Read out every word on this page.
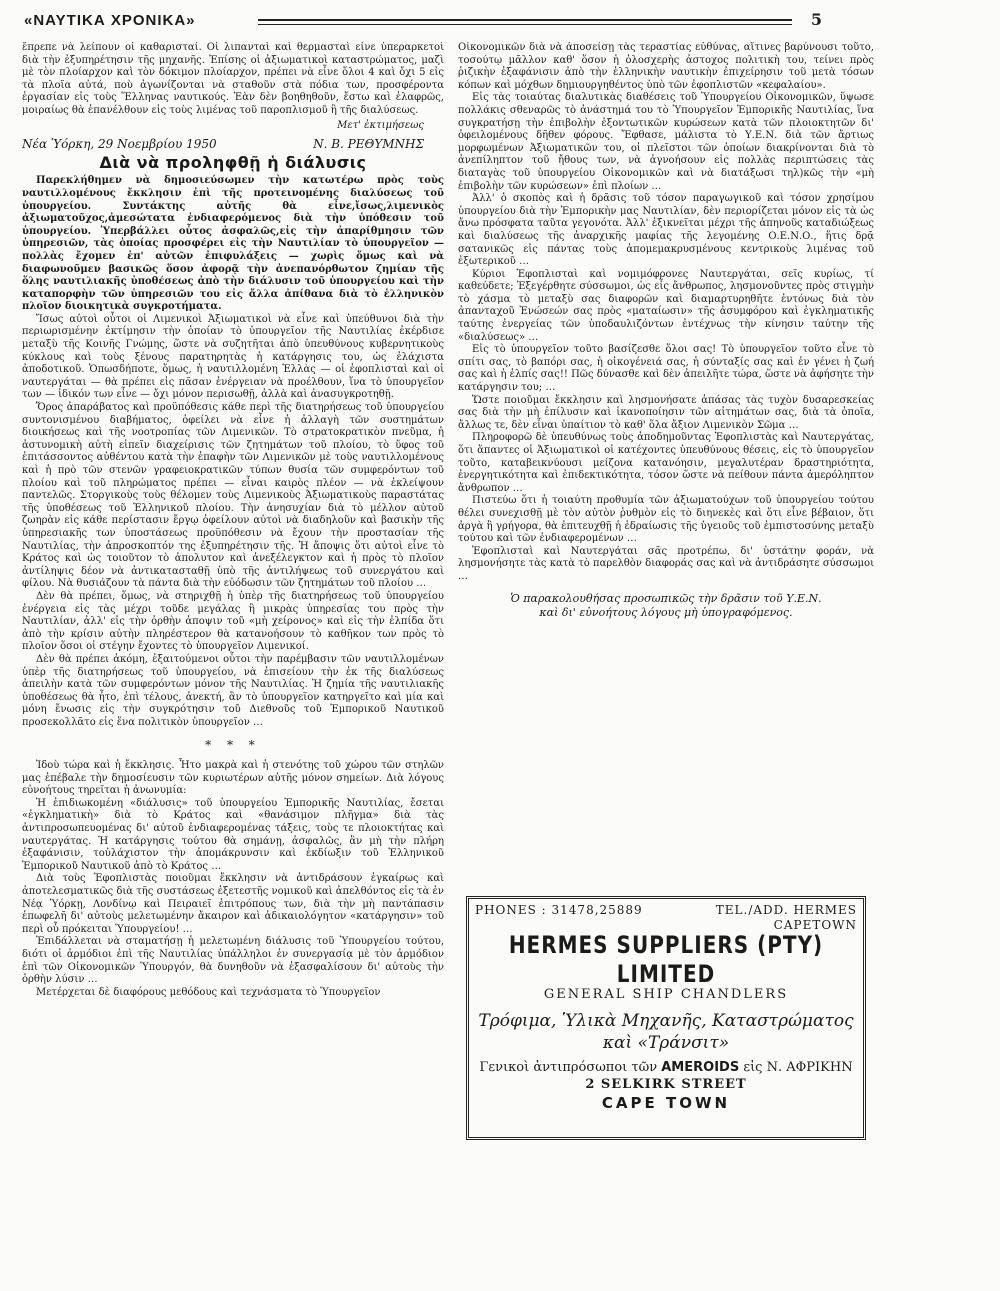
«ΝΑΥΤΙΚΑ ΧΡΟΝΙΚΑ»	5

ἔπρεπε νὰ λείπουν οἱ καθαρισταί. Οἱ λιπανταὶ καὶ θερμασταὶ εἶνε ὑπεραρκετοὶ διὰ τὴν ἐξυπηρέτησιν τῆς μηχανῆς. Ἐπίσης οἱ ἀξιωματικοὶ καταστρώματος, μαζὶ μὲ τὸν πλοίαρχον καὶ τὸν δόκιμον πλοίαρχον, πρέπει νὰ εἶνε ὅλοι 4 καὶ ὄχι 5 εἰς τὰ πλοῖα αὐτά, ποὺ ἀγωνίζονται νὰ σταθοῦν στὰ πόδια των, προσφέροντα ἐργασίαν εἰς τοὺς Ἕλληνας ναυτικούς. Ἐὰν δὲν βοηθηθοῦν, ἔστω καὶ ἐλαφρῶς, μοιραίως θὰ ἐπανέλθουν εἰς τοὺς λιμένας τοῦ παροπλισμοῦ ἢ τῆς διαλύσεως.

Μετ' ἐκτιμήσεως
Νέα Ὑόρκη, 29 Νοεμβρίου 1950	Ν. Β. ΡΕΘΥΜΝΗΣ
Διὰ νὰ προληφθῇ ἡ διάλυσις

Παρεκλήθημεν νὰ δημοσιεύσωμεν τὴν κατωτέρω πρὸς τοὺς ναυτιλλομένους ἔκκλησιν ἐπὶ τῆς προτεινομένης διαλύσεως τοῦ ὑπουργείου. Συντάκτης αὐτῆς θὰ εἶνε,ἴσως,λιμενικὸς ἀξιωματοῦχος,ἀμεσώτατα ἐνδιαφερόμενος διὰ τὴν ὑπόθεσιν τοῦ ὑπουργείου. Ὑπερβάλλει οὗτος ἀσφαλῶς,εἰς τὴν ἀπαρίθμησιν τῶν ὑπηρεσιῶν, τὰς ὁποίας προσφέρει εἰς τὴν Ναυτιλίαν τὸ ὑπουργεῖον — πολλὰς ἔχομεν ἐπ' αὐτῶν ἐπιφυλάξεις — χωρὶς ὅμως καὶ νὰ διαφωνοῦμεν βασικῶς ὅσον ἀφορᾷ τὴν ἀνεπανόρθωτον ζημίαν τῆς ὅλης ναυτιλιακῆς ὑποθέσεως ἀπὸ τὴν διάλυσιν τοῦ ὑπουργείου καὶ τὴν καταπορφὴν τῶν ὑπηρεσιῶν του εἰς ἄλλα ἀπίθανα διὰ τὸ ἑλληνικὸν πλοῖον διοικητικὰ συγκροτήματα.

Ἴσως αὐτοὶ οὗτοι οἱ Λιμενικοὶ Ἀξιωματικοὶ νὰ εἶνε καὶ ὑπεύθυνοι διὰ τὴν περιωρισμένην ἐκτίμησιν τὴν ὁποίαν τὸ ὑπουργεῖον τῆς Ναυτιλίας ἐκέρδισε μεταξὺ τῆς Κοινῆς Γνώμης, ὥστε νὰ συζητῆται ἀπὸ ὑπευθύνους κυβερνητικοὺς κύκλους καὶ τοὺς ξένους παρατηρητὰς ἡ κατάργησις του, ὡς ἐλάχιστα ἀποδοτικοῦ. Ὁπωσδήποτε, ὅμως, ἡ ναυτιλλομένη Ἑλλὰς — οἱ ἐφοπλισταὶ καὶ οἱ ναυτεργάται — θὰ πρέπει εἰς πᾶσαν ἐνέργειαν νὰ προέλθουν, ἵνα τὸ ὑπουργεῖον των — ἰδικόν των εἶνε — ὄχι μόνον περισωθῇ, ἀλλὰ καὶ ἀνασυγκροτηθῇ.

Ὅρος ἀπαράβατος καὶ προϋπόθεσις κάθε περὶ τῆς διατηρήσεως τοῦ ὑπουργείου συντονισμένου διαβήματος, ὀφείλει νὰ εἶνε ἡ ἀλλαγὴ τῶν συστημάτων διοικήσεως καὶ τῆς νοοτροπίας τῶν Λιμενικῶν. Τὸ στρατοκρατικὸν πνεῦμα, ἡ ἀστυνομικὴ αὐτὴ εἰπεῖν διαχείρισις τῶν ζητημάτων τοῦ πλοίου, τὸ ὕφος τοῦ ἐπιτάσσοντος αὐθέντου κατὰ τὴν ἐπαφὴν τῶν Λιμενικῶν μὲ τοὺς ναυτιλλομένους καὶ ἡ πρὸ τῶν στενῶν γραφειοκρατικῶν τύπων θυσία τῶν συμφερόντων τοῦ πλοίου καὶ τοῦ πληρώματος πρέπει — εἶναι καιρὸς πλέον — νὰ ἐκλείψουν παντελῶς. Στοργικοὺς τοὺς θέλομεν τοὺς Λιμενικοὺς Ἀξιωματικοὺς παραστάτας τῆς ὑποθέσεως τοῦ Ἑλληνικοῦ πλοίου. Τὴν ἀνησυχίαν διὰ τὸ μέλλον αὐτοῦ ζωηρὰν εἰς κάθε περίστασιν ἔργῳ ὀφείλουν αὐτοὶ νὰ διαδηλοῦν καὶ βασικὴν τῆς ὑπηρεσιακῆς των ὑποστάσεως προϋπόθεσιν νὰ ἔχουν τὴν προστασίαν τῆς Ναυτιλίας, τὴν ἀπροσκοπτόν της ἐξυπηρέτησιν τῆς. Ἡ ἄποψις ὅτι αὐτοὶ εἶνε τὸ Κράτος καὶ ὡς τοιοῦτον τὸ ἀπολυτον καὶ ἀνεξέλεγκτον καὶ ἡ πρὸς τὸ πλοῖον ἀντίληψις δέον νὰ ἀντικατασταθῇ ὑπὸ τῆς ἀντιλήψεως τοῦ συνεργάτου καὶ φίλου. Νὰ θυσιάζουν τὰ πάντα διὰ τὴν εὐόδωσιν τῶν ζητημάτων τοῦ πλοίου …

Δὲν θὰ πρέπει, ὅμως, νὰ στηριχθῇ ἡ ὑπὲρ τῆς διατηρήσεως τοῦ ὑπουργείου ἐνέργεια εἰς τὰς μέχρι τοῦδε μεγάλας ἢ μικρὰς ὑπηρεσίας του πρὸς τὴν Ναυτιλίαν, ἀλλ' εἰς τὴν ὀρθὴν ἀποψιν τοῦ «μὴ χείρονος» καὶ εἰς τὴν ἐλπίδα ὅτι ἀπὸ τὴν κρίσιν αὐτὴν πληρέστερον θὰ κατανοήσουν τὸ καθῆκον των πρὸς τὸ πλοῖον ὅσοι οἱ στέγην ἔχοντες τὸ ὑπουργεῖον Λιμενικοί.

Δὲν θὰ πρέπει ἀκόμη, ἐξαιτούμενοι οὗτοι τὴν παρέμβασιν τῶν ναυτιλλομένων ὑπὲρ τῆς διατηρήσεως τοῦ ὑπουργείου, νὰ ἐπισείουν τὴν ἐκ τῆς διαλύσεως ἀπειλὴν κατὰ τῶν συμφερόντων μόνον τῆς Ναυτιλίας. Ἡ ζημία τῆς ναυτιλιακῆς ὑποθέσεως θὰ ἦτο, ἐπὶ τέλους, ἀνεκτή, ἂν τὸ ὑπουργεῖον κατηργεῖτο καὶ μία καὶ μόνη ἔνωσις εἰς τὴν συγκρότησιν τοῦ Διεθνοῦς τοῦ Ἐμπορικοῦ Ναυτικοῦ προσεκολλᾶτο εἰς ἕνα πολιτικὸν ὑπουργεῖον …

* * *

Ἰδοὺ τώρα καὶ ἡ ἔκκλησις. Ἦτο μακρὰ καὶ ἡ στενότης τοῦ χώρου τῶν στηλῶν μας ἐπέβαλε τὴν δημοσίευσιν τῶν κυριωτέρων αὐτῆς μόνον σημείων. Διὰ λόγους εὐνοήτους τηρεῖται ἡ ἀνωνυμία:

Ἡ ἐπιδιωκομένη «διάλυσις» τοῦ ὑπουργείου Ἐμπορικῆς Ναυτιλίας, ἔσεται «ἐγκληματικὴ» διὰ τὸ Κράτος καὶ «θανάσιμον πλῆγμα» διὰ τὰς ἀντιπροσωπευομένας δι' αὐτοῦ ἐνδιαφερομένας τάξεις, τοὺς τε πλοιοκτήτας καὶ ναυτεργάτας. Ἡ κατάργησις τούτου θὰ σημάνῃ, ἀσφαλῶς, ἂν μὴ τὴν πλήρη ἐξαφάνισιν, τοὐλάχιστον τὴν ἀπομάκρυνσιν καὶ ἐκδίωξιν τοῦ Ἑλληνικοῦ Ἐμπορικοῦ Ναυτικοῦ ἀπὸ τὸ Κράτος …

Διὰ τοὺς Ἐφοπλιστὰς ποιοῦμαι ἔκκλησιν νὰ ἀντιδράσουν ἐγκαίρως καὶ ἀποτελεσματικῶς διὰ τῆς συστάσεως ἐξετεστῆς νομικοῦ καὶ ἀπελθόντος εἰς τὰ ἐν Νέᾳ Ὑόρκῃ, Λονδίνῳ καὶ Πειραιεῖ ἐπιτρόπους των, διὰ τὴν μὴ παντάπασιν ἐπωφελῆ δι' αὐτοὺς μελετωμένην ἄκαιρον καὶ ἀδικαιολόγητον «κατάργησιν» τοῦ περὶ οὗ πρόκειται Ὑπουργείου! …

Ἐπιδάλλεται νὰ σταματήσῃ ἡ μελετωμένη διάλυσις τοῦ Ὑπουργείου τούτου, διότι οἱ ἀρμόδιοι ἐπὶ τῆς Ναυτιλίας ὑπάλληλοι ἐν συνεργασίᾳ μὲ τὸν ἀρμόδιον ἐπὶ τῶν Οἰκονομικῶν Ὑπουργόν, θὰ δυνηθοῦν νὰ ἐξασφαλίσουν δι' αὐτοὺς τὴν ὁρθὴν λύσιν …

Μετέρχεται δὲ διαφόρους μεθόδους καὶ τεχνάσματα τὸ Ὑπουργεῖον

Οἰκονομικῶν διὰ νὰ ἀποσείσῃ τὰς τεραστίας εὐθύνας, αἵτινες βαρύνουσι τοῦτο, τοσούτῳ μᾶλλον καθ' ὅσον ἡ ὀλοσχερὴς ἀστοχος πολιτικὴ του, τείνει πρὸς ῥιζικὴν ἐξαφάνισιν ἀπὸ τὴν ἑλληνικὴν ναυτικὴν ἐπιχείρησιν τοῦ μετὰ τόσων κόπων καὶ μόχθων δημιουργηθέντος ὑπὸ τῶν ἐφοπλιστῶν «κεφαλαίου».

Εἰς τὰς τοιαύτας διαλυτικὰς διαθέσεις τοῦ Ὑπουργείου Οἰκονομικῶν, ὕψωσε πολλάκις σθεναρῶς τὸ ἀνάστημά του τὸ Ὑπουργεῖον Ἐμπορικῆς Ναυτιλίας, ἵνα συγκρατήσῃ τὴν ἐπιβολὴν ἐξοντωτικῶν κυρώσεων κατὰ τῶν πλοιοκτητῶν δι' ὀφειλομένους δῆθεν φόρους. Ἔφθασε, μάλιστα τὸ Υ.Ε.Ν. διὰ τῶν ἄρτιως μορφωμένων Ἀξιωματικῶν του, οἱ πλεῖστοι τῶν ὁποίων διακρίνονται διὰ τὸ ἀνεπίληπτον τοῦ ἤθους των, νὰ ἀγνοήσουν εἰς πολλὰς περιπτώσεις τὰς διαταγὰς τοῦ ὑπουργείου Οἰκονομικῶν καὶ νὰ διατάξωσι τηλ)κῶς τὴν «μὴ ἐπιβολὴν τῶν κυρώσεων» ἐπὶ πλοίων …

Ἀλλ' ὁ σκοπὸς καὶ ἡ δρᾶσις τοῦ τόσον παραγωγικοῦ καὶ τόσον χρησίμου ὑπουργείου διὰ τὴν Ἐμπορικὴν μας Ναυτιλίαν, δὲν περιορίζεται μόνον εἰς τὰ ὡς ἄνω πρόσφατα ταῦτα γεγονότα. Ἀλλ' ἐξικνεῖται μέχρι τῆς ἀπηνοῦς καταδιώξεως καὶ διαλύσεως τῆς ἀναρχικῆς μαφίας τῆς λεγομένης Ο.Ε.Ν.Ο., ἥτις δρᾷ σατανικῶς εἰς πάντας τοὺς ἀπομεμακρυσμένους κεντρικοὺς λιμένας τοῦ ἐξωτερικοῦ …

Κύριοι Ἐφοπλισταὶ καὶ νομιμόφρονες Ναυτεργάται, σεῖς κυρίως, τί καθεύδετε; Ἐξεγέρθητε σύσσωμοι, ὡς εἷς ἄνθρωπος, λησμονοῦντες πρὸς στιγμὴν τὸ χάσμα τὸ μεταξὺ σας διαφορῶν καὶ διαμαρτυρηθῆτε ἐντόνως διὰ τὸν ἀπανταχοῦ Ἑνώσεών σας πρὸς «ματαίωσιν» τῆς ἀσυμφόρου καὶ ἐγκληματικῆς ταύτης ἐνεργείας τῶν ὑποδαυλιζόντων ἐντέχνως τὴν κίνησιν ταύτην τῆς «διαλύσεως» …

Εἰς τὸ ὑπουργεῖον τοῦτο βασίζεσθε ὅλοι σας! Τὸ ὑπουργεῖον τοῦτο εἶνε τὸ σπίτι σας, τὸ βαπόρι σας, ἡ οἰκογένειά σας, ἡ σύνταξίς σας καὶ ἐν γένει ἡ ζωή σας καὶ ἡ ἐλπίς σας!! Πῶς δύνασθε καὶ δὲν ἀπειλῆτε τώρα, ὥστε νὰ ἀφήσητε τὴν κατάργησιν του; …

Ὥστε ποιοῦμαι ἔκκλησιν καὶ λησμονήσατε ἁπάσας τὰς τυχὸν δυσαρεσκείας σας διὰ τὴν μὴ ἐπίλυσιν καὶ ἱκανοποίησιν τῶν αἰτημάτων σας, διὰ τὰ ὁποῖα, ἄλλως τε, δὲν εἶναι ὑπαίτιον τὸ καθ' ὅλα ἄξιον Λιμενικὸν Σῶμα …

Πληροφορῶ δὲ ὑπευθύνως τοὺς ἀποδημοῦντας Ἐφοπλιστὰς καὶ Ναυτεργάτας, ὅτι ἅπαντες οἱ Ἀξιωματικοὶ οἱ κατέχοντες ὑπευθύνους θέσεις, εἰς τὸ ὑπουργεῖον τοῦτο, καταβεικνύουσι μείζονα κατανόησιν, μεγαλυτέραν δραστηριότητα, ἐνεργητικότητα καὶ ἐπιδεκτικότητα, τόσον ὥστε νὰ πείθουν πάντα ἀμερόληπτον ἄνθρωπον …

Πιστεύω ὅτι ἡ τοιαύτη προθυμία τῶν ἀξιωματούχων τοῦ ὑπουργείου τούτου θέλει συνεχισθῇ μὲ τὸν αὐτὸν ῥυθμὸν εἰς τὸ διηνεκὲς καὶ ὅτι εἶνε βέβαιον, ὅτι ἀργὰ ἢ γρήγορα, θὰ ἐπιτευχθῇ ἡ ἑδραίωσις τῆς ὑγειοῦς τοῦ ἐμπιστοσύνης μεταξὺ τούτου καὶ τῶν ἐνδιαφερομένων …

Ἐφοπλισταὶ καὶ Ναυτεργάται σᾶς προτρέπω, δι' ὑστάτην φοράν, νὰ λησμονήσητε τὰς κατὰ τὸ παρελθὸν διαφοράς σας καὶ νὰ ἀντιδράσητε σύσσωμοι …

Ὁ παρακολουθήσας προσωπικῶς τὴν δρᾶσιν τοῦ Υ.Ε.Ν.
καὶ δι' εὐνοήτους λόγους μὴ ὑπογραφόμενος.
PHONES : 31478,25889	TEL./ADD. HERMES
CAPETOWN
HERMES SUPPLIERS (PTY) LIMITED
GENERAL SHIP CHANDLERS
Τρόφιμα, Ὑλικὰ Μηχανῆς, Καταστρώματος
καὶ «Τράνσιτ»
Γενικοὶ ἀντιπρόσωποι τῶν AMEROIDS εἰς Ν. ΑΦΡΙΚΗΝ
2 SELKIRK STREET
CAPE TOWN
